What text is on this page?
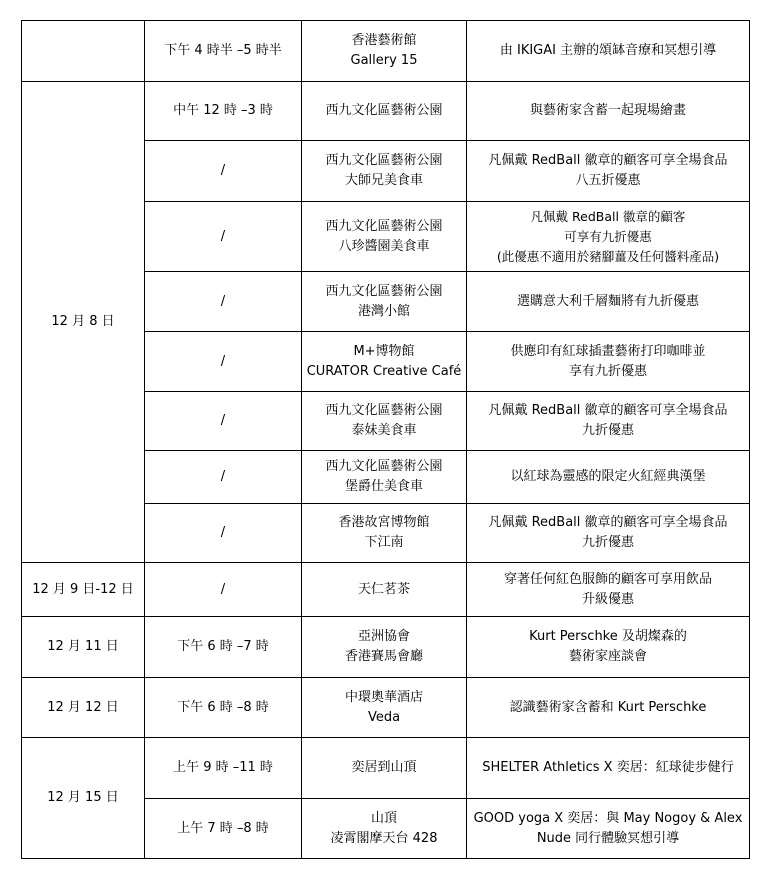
	下午 4 時半 –5 時半	香港藝術館
Gallery 15	由 IKIGAI 主辦的頌缽音療和冥想引導

12 月 8 日	中午 12 時 –3 時	西九文化區藝術公園	與藝術家含蓄一起現場繪畫

	/	西九文化區藝術公園
大師兄美食車	凡佩戴 RedBall 徽章的顧客可享全場食品
八五折優惠

	/	西九文化區藝術公園
八珍醬園美食車	凡佩戴 RedBall 徽章的顧客
可享有九折優惠
(此優惠不適用於豬腳薑及任何醬料產品)

	/	西九文化區藝術公園
港灣小館	選購意大利千層麵將有九折優惠

	/	M+博物館
CURATOR Creative Café	供應印有紅球插畫藝術打印咖啡並
享有九折優惠

	/	西九文化區藝術公園
泰妹美食車	凡佩戴 RedBall 徽章的顧客可享全場食品
九折優惠

	/	西九文化區藝術公園
堡爵仕美食車	以紅球為靈感的限定火紅經典漢堡

	/	香港故宮博物館
下江南	凡佩戴 RedBall 徽章的顧客可享全場食品
九折優惠

12 月 9 日-12 日	/	天仁茗茶	穿著任何紅色服飾的顧客可享用飲品
升級優惠

12 月 11 日	下午 6 時 –7 時	亞洲協會
香港賽馬會廳	Kurt Perschke 及胡燦森的
藝術家座談會

12 月 12 日	下午 6 時 –8 時	中環奧華酒店
Veda	認識藝術家含蓄和 Kurt Perschke

12 月 15 日	上午 9 時 –11 時	奕居到山頂	SHELTER Athletics X 奕居：紅球徒步健行

	上午 7 時 –8 時	山頂
凌霄閣摩天台 428	GOOD yoga X 奕居：與 May Nogoy & Alex
Nude 同行體驗冥想引導
